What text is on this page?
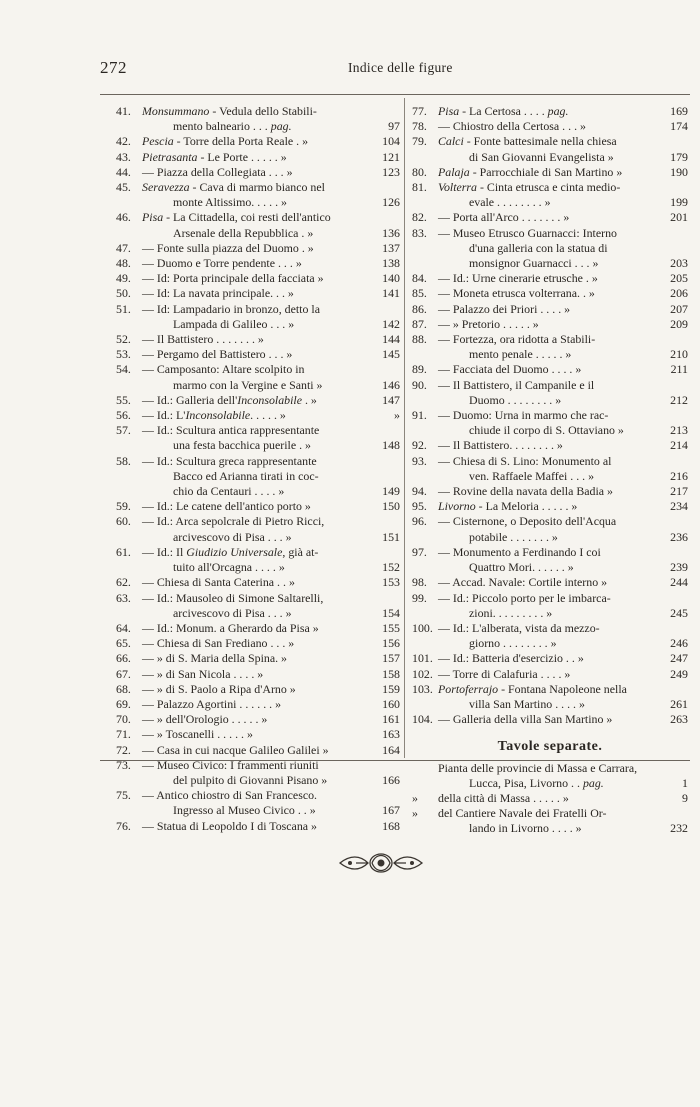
272	Indice delle figure
41. Monsummano - Vedula dello Stabili-
mento balneario . . . pag.	97
42. Pescia - Torre della Porta Reale . »	104
43. Pietrasanta - Le Porte . . . . . »	121
44. — Piazza della Collegiata . . . »	123
45. Seravezza - Cava di marmo bianco nel
monte Altissimo. . . . . »	126
46. Pisa - La Cittadella, coi resti dell'antico
Arsenale della Repubblica . »	136
47. — Fonte sulla piazza del Duomo . »	137
48. — Duomo e Torre pendente . . . »	138
49. — Id: Porta principale della facciata »	140
50. — Id: La navata principale. . . »	141
51. — Id: Lampadario in bronzo, detto la
Lampada di Galileo . . . »	142
52. — Il Battistero . . . . . . . »	144
53. — Pergamo del Battistero . . . »	145
54. — Camposanto: Altare scolpito in
marmo con la Vergine e Santi »	146
55. — Id.: Galleria dell'Inconsolabile . »	147
56. — Id.: L'Inconsolabile. . . . . »	»
57. — Id.: Scultura antica rappresentante
una festa bacchica puerile . »	148
58. — Id.: Scultura greca rappresentante
Bacco ed Arianna tirati in coc-
chio da Centauri . . . . »	149
59. — Id.: Le catene dell'antico porto »	150
60. — Id.: Arca sepolcrale di Pietro Ricci,
arcivescovo di Pisa . . . »	151
61. — Id.: Il Giudizio Universale, già at-
tuito all'Orcagna . . . . »	152
62. — Chiesa di Santa Caterina . . »	153
63. — Id.: Mausoleo di Simone Saltarelli,
arcivescovo di Pisa . . . »	154
64. — Id.: Monum. a Gherardo da Pisa »	155
65. — Chiesa di San Frediano . . . »	156
66. — » di S. Maria della Spina. »	157
67. — » di San Nicola . . . . »	158
68. — » di S. Paolo a Ripa d'Arno »	159
69. — Palazzo Agortini . . . . . . »	160
70. — » dell'Orologio . . . . . »	161
71. — » Toscanelli . . . . . »	163
72. — Casa in cui nacque Galileo Galilei »	164
73. — Museo Civico: I frammenti riuniti
del pulpito di Giovanni Pisano »	166
75. — Antico chiostro di San Francesco.
Ingresso al Museo Civico . . »	167
76. — Statua di Leopoldo I di Toscana »	168
77. Pisa - La Certosa . . . . pag.	169
78. — Chiostro della Certosa . . . »	174
79. Calci - Fonte battesimale nella chiesa
di San Giovanni Evangelista »	179
80. Palaja - Parrocchiale di San Martino »	190
81. Volterra - Cinta etrusca e cinta medio-
evale . . . . . . . . »	199
82. — Porta all'Arco . . . . . . . »	201
83. — Museo Etrusco Guarnacci: Interno
d'una galleria con la statua di
monsignor Guarnacci . . . »	203
84. — Id.: Urne cinerarie etrusche . »	205
85. — Moneta etrusca volterrana. . »	206
86. — Palazzo dei Priori . . . . »	207
87. — » Pretorio . . . . . »	209
88. — Fortezza, ora ridotta a Stabili-
mento penale . . . . . »	210
89. — Facciata del Duomo . . . . »	211
90. — Il Battistero, il Campanile e il
Duomo . . . . . . . . »	212
91. — Duomo: Urna in marmo che rac-
chiude il corpo di S. Ottaviano »	213
92. — Il Battistero. . . . . . . . »	214
93. — Chiesa di S. Lino: Monumento al
ven. Raffaele Maffei . . . »	216
94. — Rovine della navata della Badia »	217
95. Livorno - La Meloria . . . . . »	234
96. — Cisternone, o Deposito dell'Acqua
potabile . . . . . . . »	236
97. — Monumento a Ferdinando I coi
Quattro Mori. . . . . . »	239
98. — Accad. Navale: Cortile interno »	244
99. — Id.: Piccolo porto per le imbarca-
zioni. . . . . . . . . »	245
100. — Id.: L'alberata, vista da mezzo-
giorno . . . . . . . . »	246
101. — Id.: Batteria d'esercizio . . »	247
102. — Torre di Calafuria . . . . »	249
103. Portoferrajo - Fontana Napoleone nella
villa San Martino . . . . »	261
104. — Galleria della villa San Martino »	263
Tavole separate.
Pianta delle provincie di Massa e Carrara,
Lucca, Pisa, Livorno . . pag.	1
» della città di Massa . . . . . »	9
» del Cantiere Navale dei Fratelli Or-
lando in Livorno . . . . »	232
